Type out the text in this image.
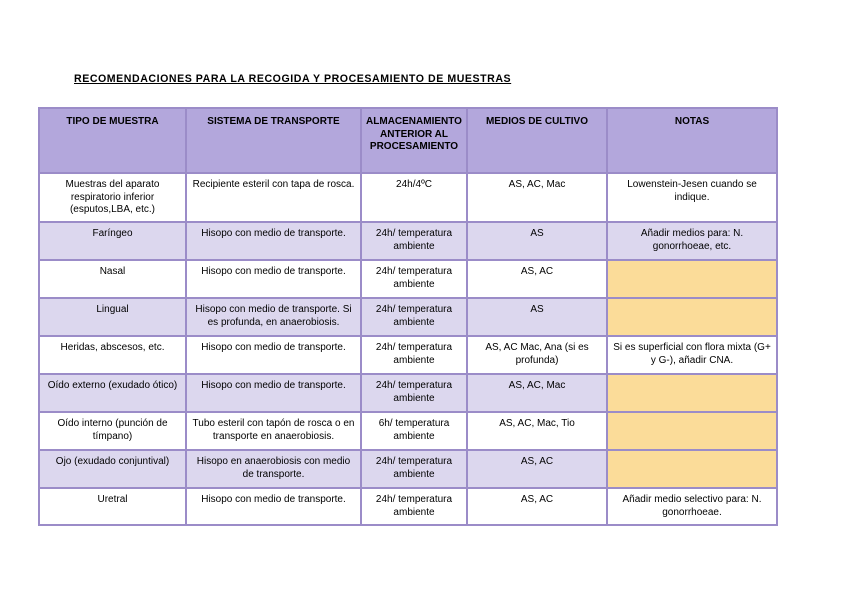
RECOMENDACIONES PARA LA RECOGIDA Y PROCESAMIENTO DE MUESTRAS
TIPO DE MUESTRA	SISTEMA DE TRANSPORTE	ALMACENAMIENTO ANTERIOR AL PROCESAMIENTO	MEDIOS DE CULTIVO	NOTAS
Muestras del aparato respiratorio inferior (esputos,LBA, etc.)	Recipiente esteril con tapa de rosca.	24h/4ºC	AS, AC, Mac	Lowenstein-Jesen cuando se indique.
Faríngeo	Hisopo con medio de transporte.	24h/ temperatura ambiente	AS	Añadir medios para: N. gonorrhoeae, etc.
Nasal	Hisopo con medio de transporte.	24h/ temperatura ambiente	AS, AC	
Lingual	Hisopo con medio de transporte. Si es profunda, en anaerobiosis.	24h/ temperatura ambiente	AS	
Heridas, abscesos, etc.	Hisopo con medio de transporte.	24h/ temperatura ambiente	AS, AC Mac, Ana (si es profunda)	Si es superficial con flora mixta (G+ y G-), añadir CNA.
Oído externo (exudado ótico)	Hisopo con medio de transporte.	24h/ temperatura ambiente	AS, AC, Mac	
Oído interno (punción de tímpano)	Tubo esteril con tapón de rosca o en transporte en anaerobiosis.	6h/ temperatura ambiente	AS, AC, Mac, Tio	
Ojo (exudado conjuntival)	Hisopo en anaerobiosis con medio de transporte.	24h/ temperatura ambiente	AS, AC	
Uretral	Hisopo con medio de transporte.	24h/ temperatura ambiente	AS, AC	Añadir medio selectivo para: N. gonorrhoeae.
